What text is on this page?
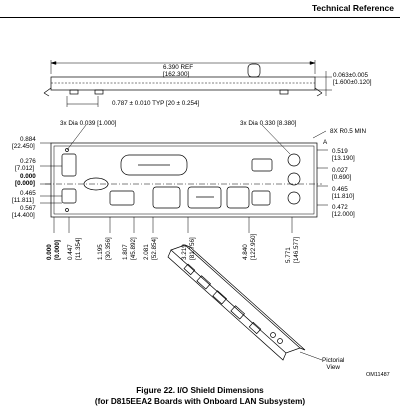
Technical Reference
6.390 REF
[162.300]	0.063±0.005
[1.600±0.120]
0.787 ± 0.010 TYP [20 ± 0.254]
3x Dia 0.039 [1.000]	3x Dia 0.330 [8.380]
8X R0.5 MIN
A
0.884
[22.450]
0.276
[7.012]
0.000
[0.000]
0.465
[11.811]
0.567
[14.400]
0.519
[13.190]
0.027
[0.690]
0.465
[11.810]
0.472
[12.000]
0.000 [0.000] 0.447 [11.354] 1.195 [30.356] 1.807 [45.892] 2.081 [52.854]	3.219 [81.756]	4.840 [122.950]	5.771 [146.577]
Pictorial
View
OM11487
Figure 22. I/O Shield Dimensions
(for D815EEA2 Boards with Onboard LAN Subsystem)
